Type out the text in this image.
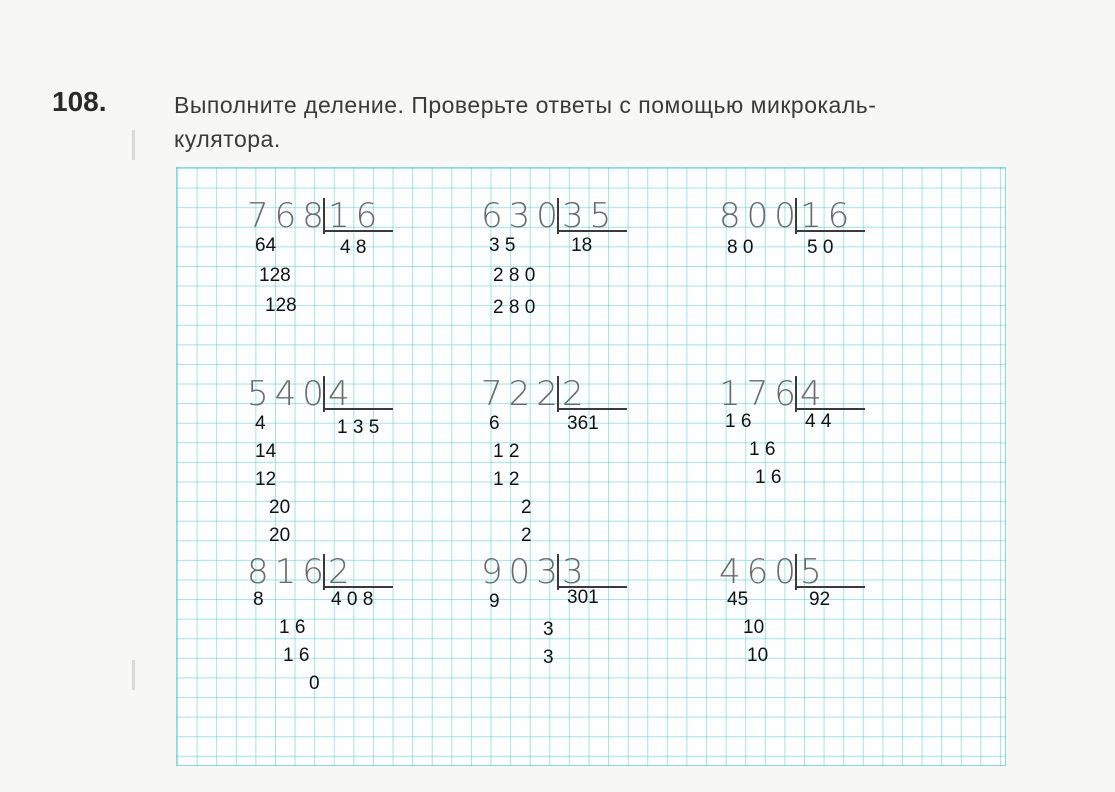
108.	Выполните деление. Проверьте ответы с помощью микрокаль-
кулятора.
768
16
4 8
64
128
128
630
35
18
3 5
2 8 0
2 8 0
800
16
5 0
8 0
540
4
1 3 5
4
14
12
20
20
722
2
361
6
1 2
1 2
2
2
176
4
4 4
1 6
1 6
1 6
816
2
4 0 8
8
1 6
1 6
0
903
3
301
9
3
3
460
5
92
45
10
10
